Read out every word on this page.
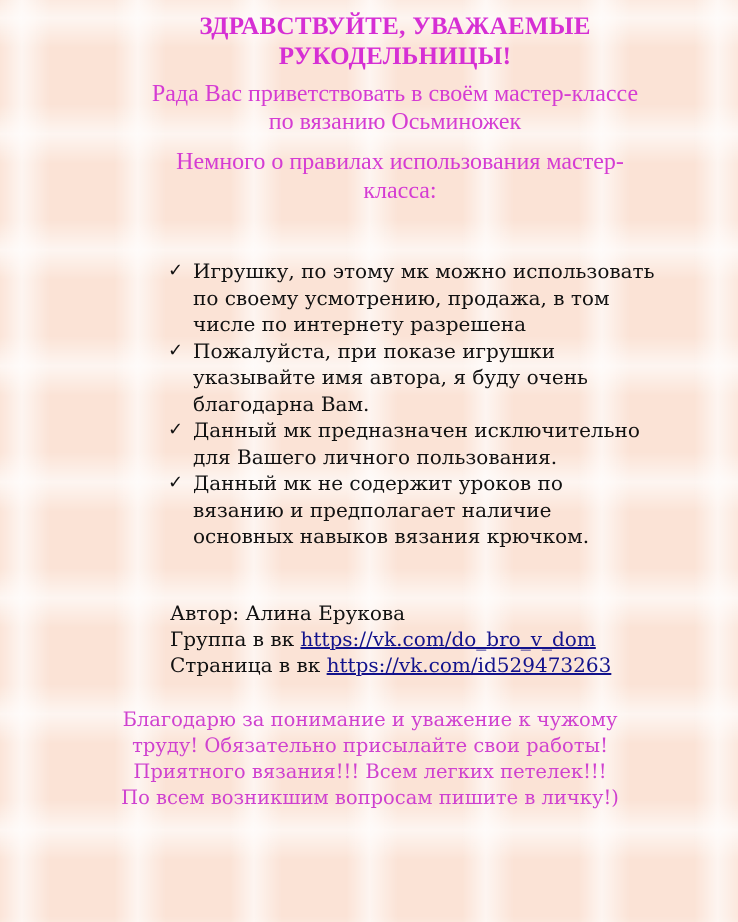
ЗДРАВСТВУЙТЕ, УВАЖАЕМЫЕ
РУКОДЕЛЬНИЦЫ!
Рада Вас приветствовать в своём мастер-классе
по вязанию Осьминожек
Немного о правилах использования мастер-
класса:
✓ Игрушку, по этому мк можно использовать
по своему усмотрению, продажа, в том
числе по интернету разрешена
✓ Пожалуйста, при показе игрушки
указывайте имя автора, я буду очень
благодарна Вам.
✓ Данный мк предназначен исключительно
для Вашего личного пользования.
✓ Данный мк не содержит уроков по
вязанию и предполагает наличие
основных навыков вязания крючком.
Автор: Алина Ерукова
Группа в вк https://vk.com/do_bro_v_dom
Страница в вк https://vk.com/id529473263
Благодарю за понимание и уважение к чужому
труду! Обязательно присылайте свои работы!
Приятного вязания!!! Всем легких петелек!!!
По всем возникшим вопросам пишите в личку!)
